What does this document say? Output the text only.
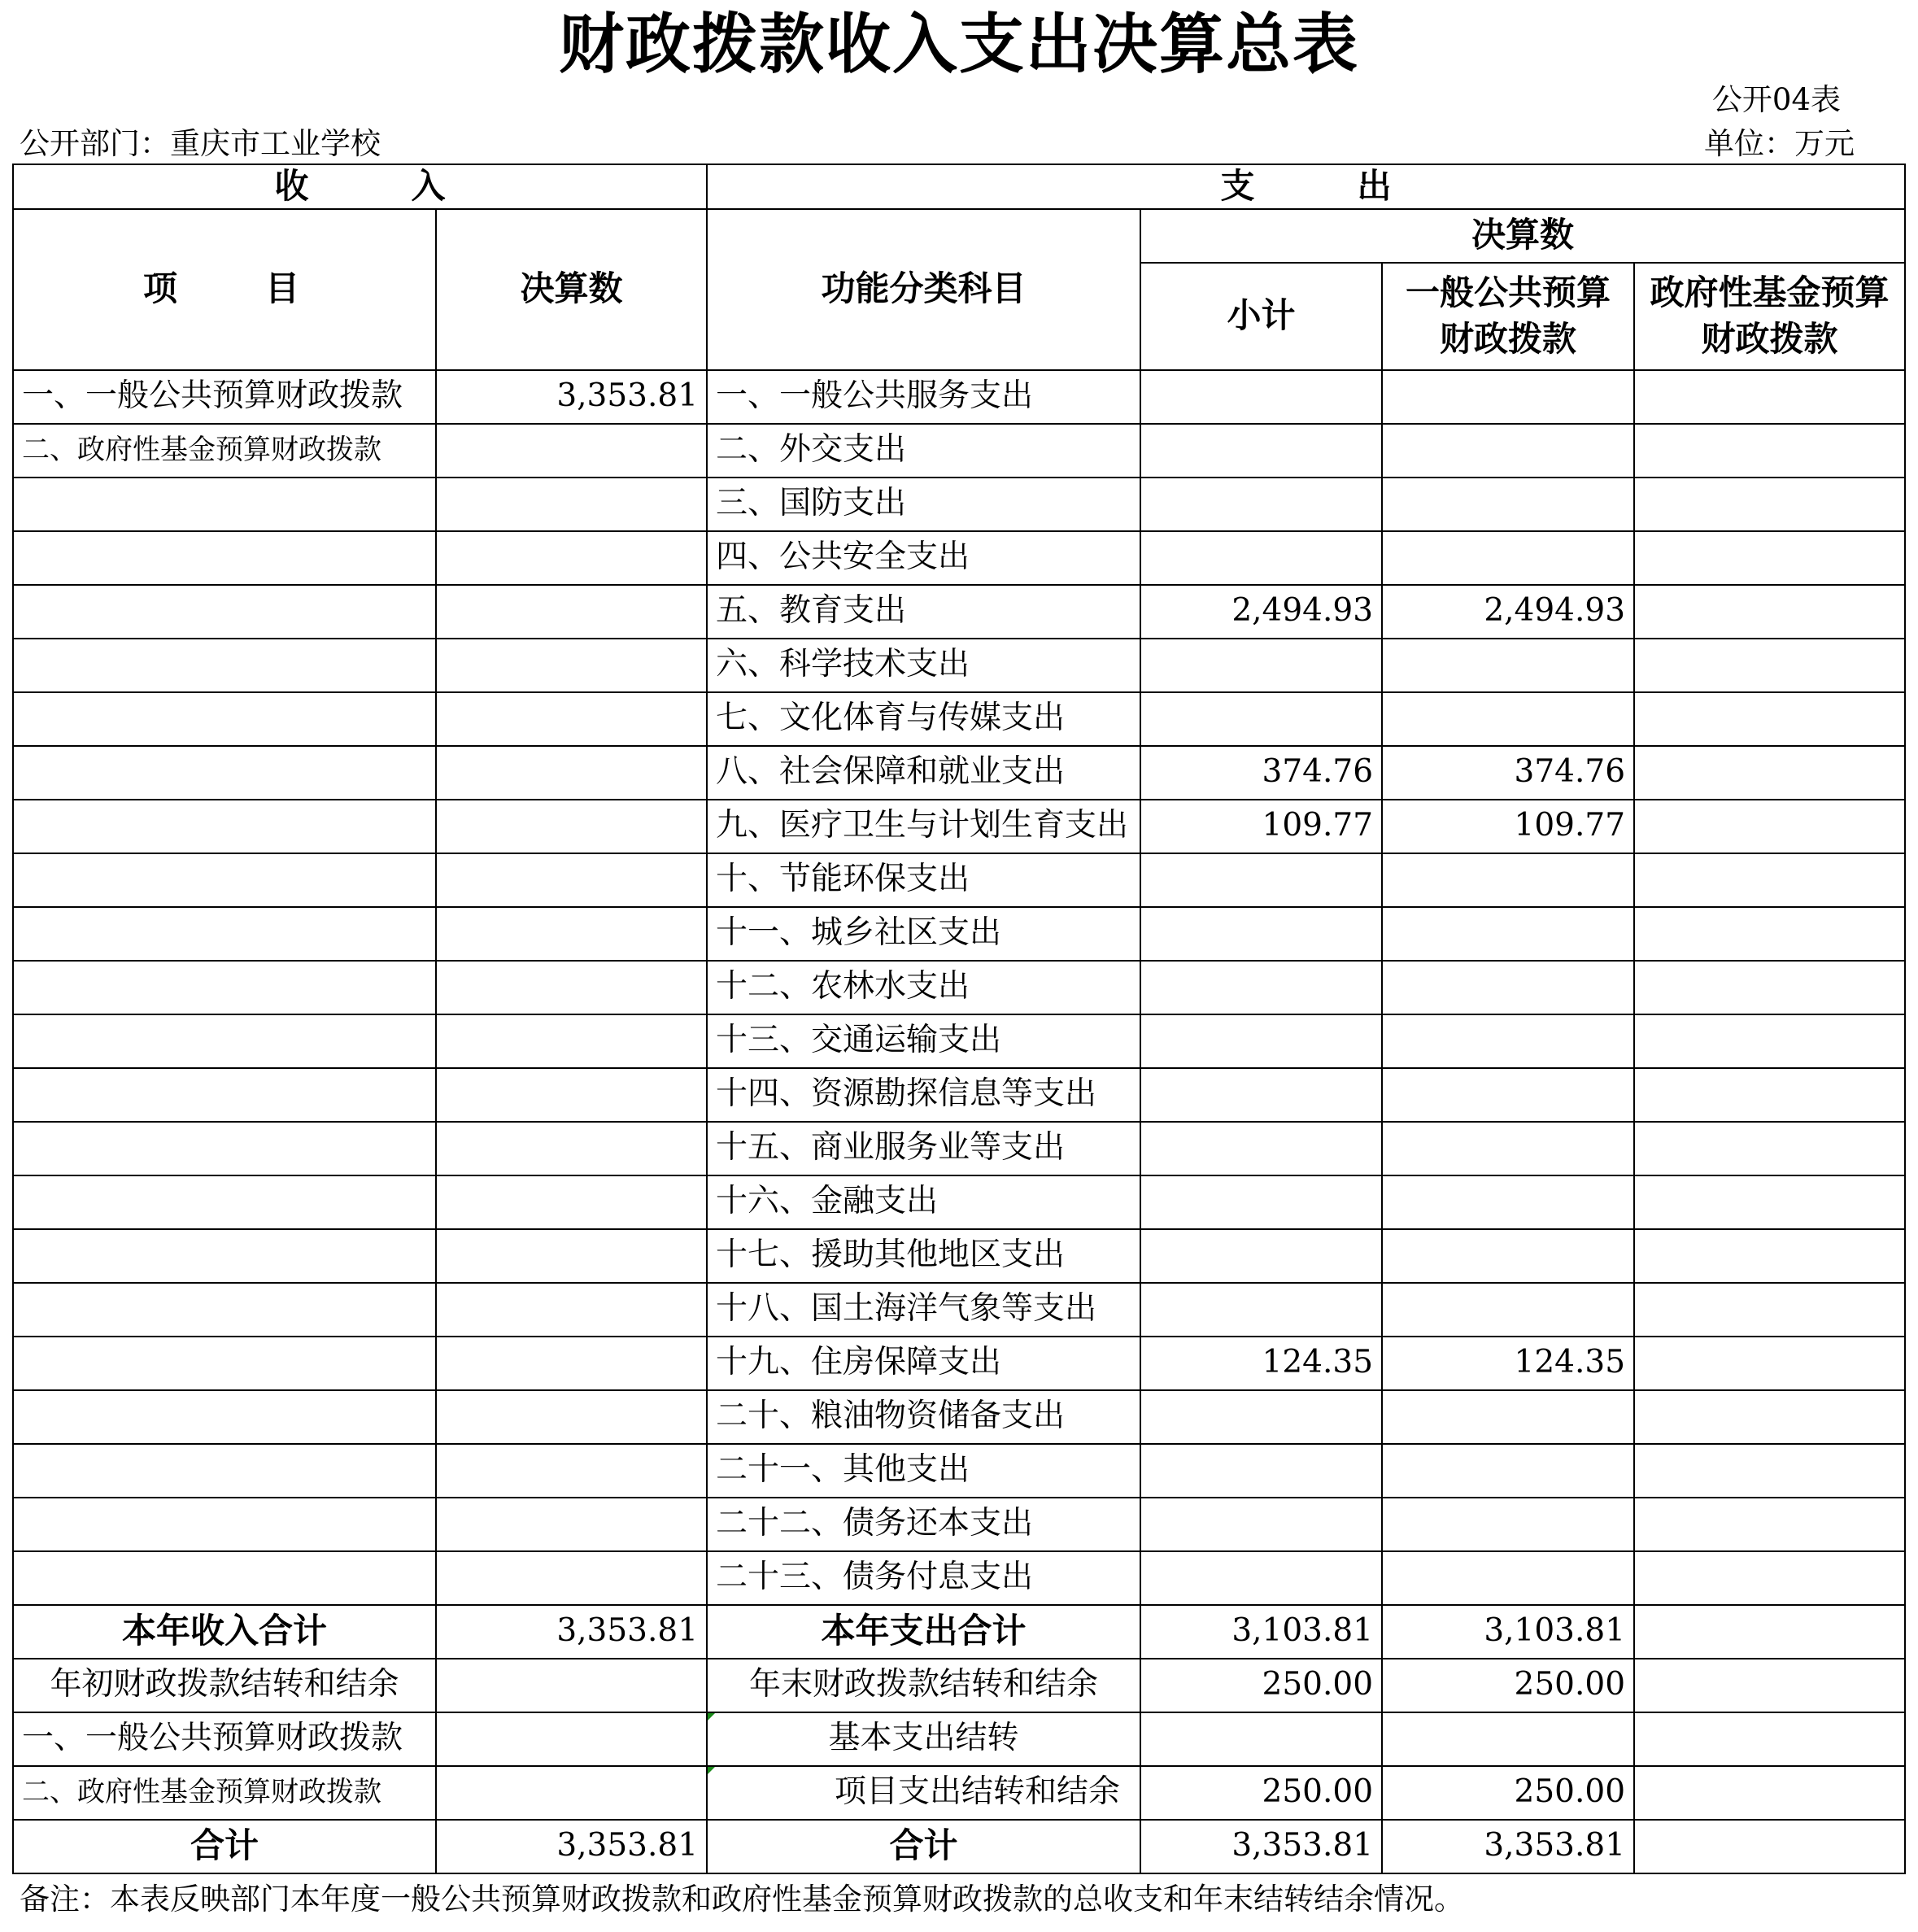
财政拨款收入支出决算总表
公开04表
公开部门：重庆市工业学校	单位：万元
收　　　入		支　　　出			
项　　目	决算数	功能分类科目	决算数		
			小计	一般公共预算财政拨款	政府性基金预算财政拨款
一、一般公共预算财政拨款	3,353.81	一、一般公共服务支出			
二、政府性基金预算财政拨款		二、外交支出			
		三、国防支出			
		四、公共安全支出			
		五、教育支出	2,494.93	2,494.93	
		六、科学技术支出			
		七、文化体育与传媒支出			
		八、社会保障和就业支出	374.76	374.76	
		九、医疗卫生与计划生育支出	109.77	109.77	
		十、节能环保支出			
		十一、城乡社区支出			
		十二、农林水支出			
		十三、交通运输支出			
		十四、资源勘探信息等支出			
		十五、商业服务业等支出			
		十六、金融支出			
		十七、援助其他地区支出			
		十八、国土海洋气象等支出			
		十九、住房保障支出	124.35	124.35	
		二十、粮油物资储备支出			
		二十一、其他支出			
		二十二、债务还本支出			
		二十三、债务付息支出			
本年收入合计	3,353.81	本年支出合计	3,103.81	3,103.81	
年初财政拨款结转和结余		年末财政拨款结转和结余	250.00	250.00	
一、一般公共预算财政拨款		基本支出结转			
二、政府性基金预算财政拨款		项目支出结转和结余	250.00	250.00	
合计	3,353.81	合计	3,353.81	3,353.81	
备注：本表反映部门本年度一般公共预算财政拨款和政府性基金预算财政拨款的总收支和年末结转结余情况。
